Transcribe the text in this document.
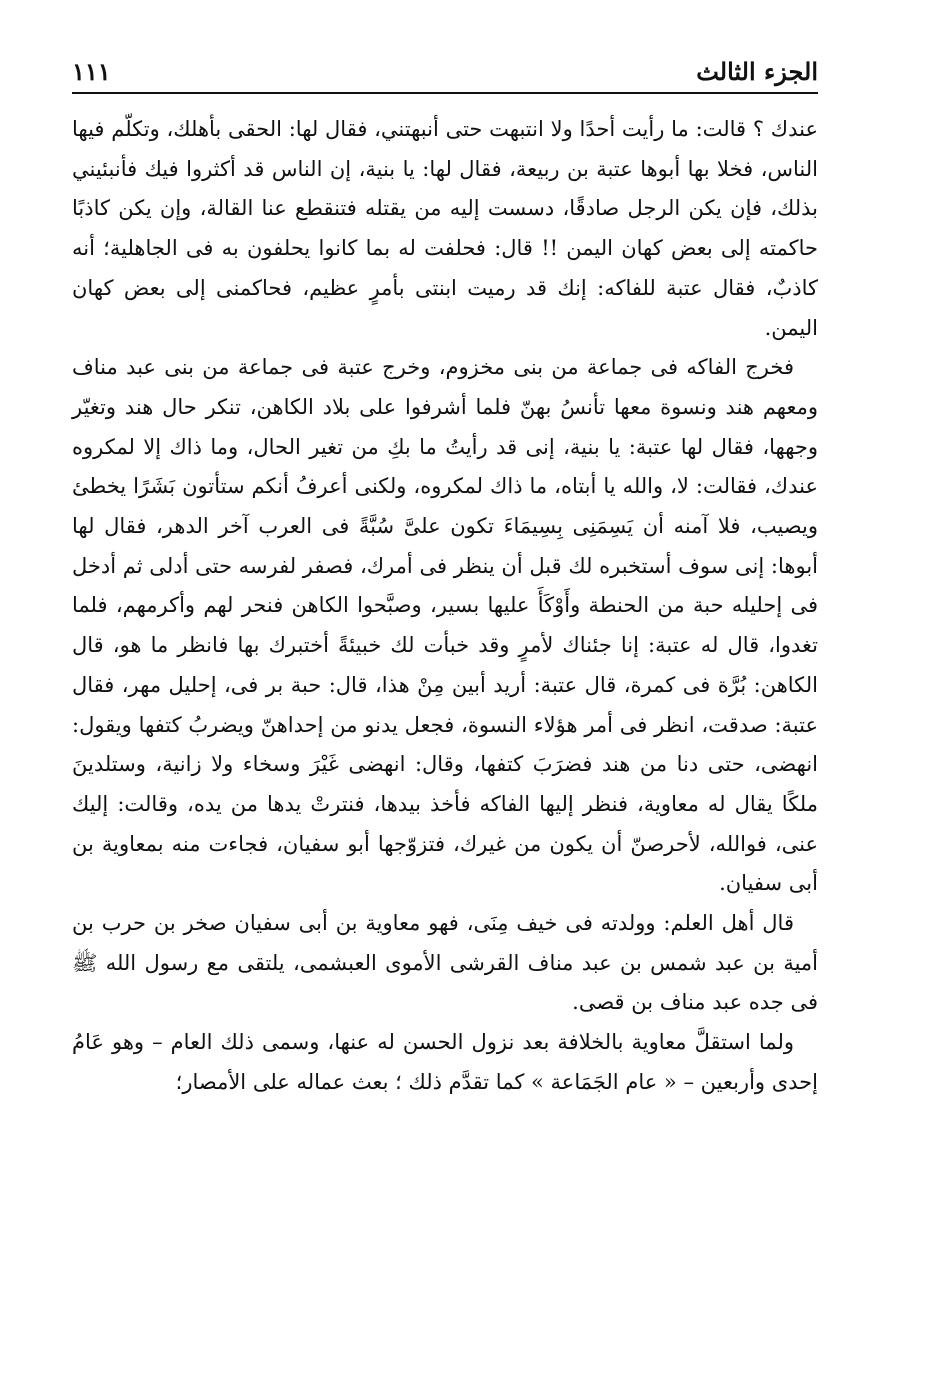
الجزء الثالث
١١١

عندك ؟ قالت: ما رأيت أحدًا ولا انتبهت حتى أنبهتني، فقال لها: الحقى بأهلك، وتكلّم فيها الناس، فخلا بها أبوها عتبة بن ربيعة، فقال لها: يا بنية، إن الناس قد أكثروا فيك فأنبئيني بذلك، فإن يكن الرجل صادقًا، دسست إليه من يقتله فتنقطع عنا القالة، وإن يكن كاذبًا حاكمته إلى بعض كهان اليمن !! قال: فحلفت له بما كانوا يحلفون به فى الجاهلية؛ أنه كاذبٌ، فقال عتبة للفاكه: إنك قد رميت ابنتى بأمرٍ عظيم، فحاكمنى إلى بعض كهان اليمن.

فخرج الفاكه فى جماعة من بنى مخزوم، وخرج عتبة فى جماعة من بنى عبد مناف ومعهم هند ونسوة معها تأنسُ بهنّ فلما أشرفوا على بلاد الكاهن، تنكر حال هند وتغيّر وجهها، فقال لها عتبة: يا بنية، إنى قد رأيتُ ما بكِ من تغير الحال، وما ذاك إلا لمكروه عندك، فقالت: لا، والله يا أبتاه، ما ذاك لمكروه، ولكنى أعرفُ أنكم ستأتون بَشَرًا يخطئ ويصيب، فلا آمنه أن يَسِمَنِى بِسِيمَاءَ تكون علىَّ سُبَّةً فى العرب آخر الدهر، فقال لها أبوها: إنى سوف أستخبره لك قبل أن ينظر فى أمرك، فصفر لفرسه حتى أدلى ثم أدخل فى إحليله حبة من الحنطة وأَوْكَأَ عليها بسير، وصبَّحوا الكاهن فنحر لهم وأكرمهم، فلما تغدوا، قال له عتبة: إنا جئناك لأمرٍ وقد خبأت لك خبيئةً أختبرك بها فانظر ما هو، قال الكاهن: بُرَّة فى كمرة، قال عتبة: أريد أبين مِنْ هذا، قال: حبة بر فى، إحليل مهر، فقال عتبة: صدقت، انظر فى أمر هؤلاء النسوة، فجعل يدنو من إحداهنّ ويضربُ كتفها ويقول: انهضى، حتى دنا من هند فضرَبَ كتفها، وقال: انهضى غَيْرَ وسخاء ولا زانية، وستلدينَ ملكًا يقال له معاوية، فنظر إليها الفاكه فأخذ بيدها، فنترتْ يدها من يده، وقالت: إليك عنى، فوالله، لأحرصنّ أن يكون من غيرك، فتزوّجها أبو سفيان، فجاءت منه بمعاوية بن أبى سفيان.

قال أهل العلم: وولدته فى خيف مِنَى، فهو معاوية بن أبى سفيان صخر بن حرب بن أمية بن عبد شمس بن عبد مناف القرشى الأموى العبشمى، يلتقى مع رسول الله ﷺ فى جده عبد مناف بن قصى.

ولما استقلَّ معاوية بالخلافة بعد نزول الحسن له عنها، وسمى ذلك العام – وهو عَامُ إحدى وأربعين – « عام الجَمَاعة » كما تقدَّم ذلك ؛ بعث عماله على الأمصار؛
